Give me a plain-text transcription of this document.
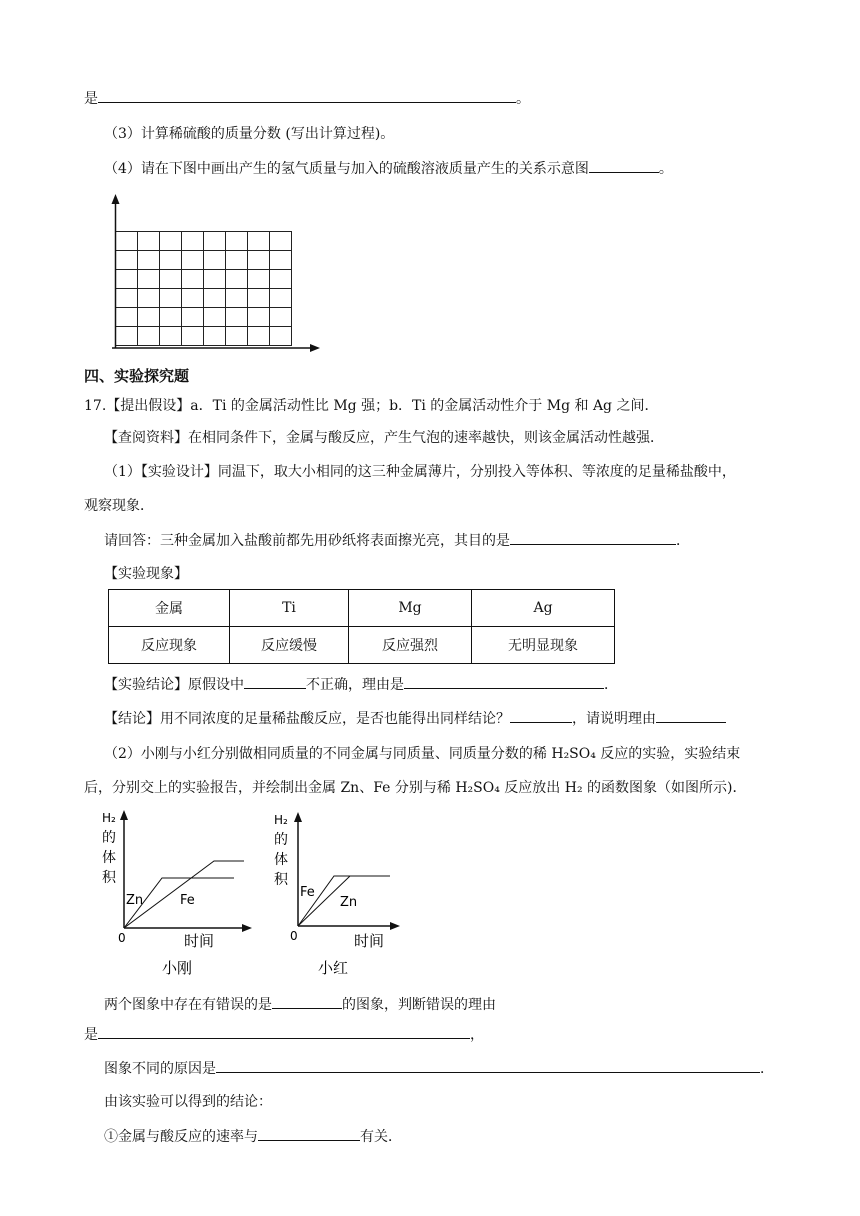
是	。
（3）计算稀硫酸的质量分数 (写出计算过程)。
（4）请在下图中画出产生的氢气质量与加入的硫酸溶液质量产生的关系示意图	。
四、实验探究题
17.【提出假设】a．Ti 的金属活动性比 Mg 强；b．Ti 的金属活动性介于 Mg 和 Ag 之间．
【查阅资料】在相同条件下，金属与酸反应，产生气泡的速率越快，则该金属活动性越强．
（1）【实验设计】同温下，取大小相同的这三种金属薄片，分别投入等体积、等浓度的足量稀盐酸中，
观察现象．
请回答：三种金属加入盐酸前都先用砂纸将表面擦光亮，其目的是	．
【实验现象】
金属	Ti	Mg	Ag
反应现象	反应缓慢	反应强烈	无明显现象
【实验结论】原假设中	不正确，理由是	．
【结论】用不同浓度的足量稀盐酸反应，是否也能得出同样结论？	，请说明理由
（2）小刚与小红分别做相同质量的不同金属与同质量、同质量分数的稀 H₂SO₄ 反应的实验，实验结束
后，分别交上的实验报告，并绘制出金属 Zn、Fe 分别与稀 H₂SO₄ 反应放出 H₂ 的函数图象（如图所示)．
H₂
的
体
积
Zn	Fe
0	时间
小刚
H₂
的
体
积
Fe
Zn
0	时间
小红
两个图象中存在有错误的是	的图象，判断错误的理由
是	，
图象不同的原因是	．
由该实验可以得到的结论：
①金属与酸反应的速率与	有关．
